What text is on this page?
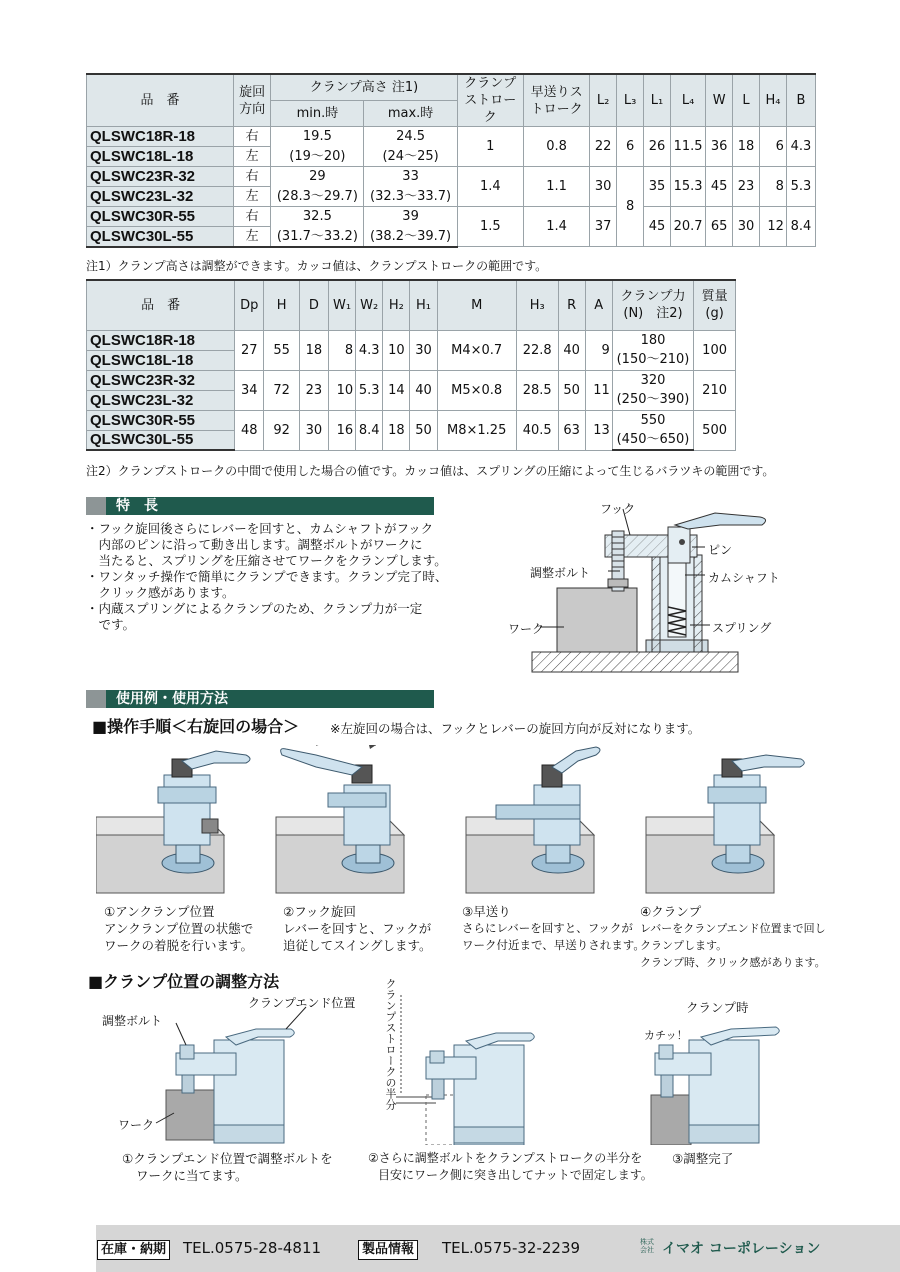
品　番	旋回方向	クランプ高さ 注1)		クランプストローク	早送りストローク	L₂	L₃	L₁	L₄	W	L	H₄	B
		min.時	max.時										
QLSWC18R-18	右	19.5	24.5	1	0.8	22	6	26	11.5	36	18	6	4.3
QLSWC18L-18	左	(19〜20)	(24〜25)										
QLSWC23R-32	右	29	33	1.4	1.1	30	8	35	15.3	45	23	8	5.3
QLSWC23L-32	左	(28.3〜29.7)	(32.3〜33.7)										
QLSWC30R-55	右	32.5	39	1.5	1.4	37		45	20.7	65	30	12	8.4
QLSWC30L-55	左	(31.7〜33.2)	(38.2〜39.7)										
注1）クランプ高さは調整ができます。カッコ値は、クランプストロークの範囲です。
品　番	Dp	H	D	W₁	W₂	H₂	H₁	M	H₃	R	A	クランプ力(N)　注2)	質量(g)
QLSWC18R-18	27	55	18	8	4.3	10	30	M4×0.7	22.8	40	9	180	100
QLSWC18L-18												(150〜210)	
QLSWC23R-32	34	72	23	10	5.3	14	40	M5×0.8	28.5	50	11	320	210
QLSWC23L-32												(250〜390)	
QLSWC30R-55	48	92	30	16	8.4	18	50	M8×1.25	40.5	63	13	550	500
QLSWC30L-55												(450〜650)	
注2）クランプストロークの中間で使用した場合の値です。カッコ値は、スプリングの圧縮によって生じるバラツキの範囲です。
特　長
・フック旋回後さらにレバーを回すと、カムシャフトがフック
　内部のピンに沿って動き出します。調整ボルトがワークに
　当たると、スプリングを圧縮させてワークをクランプします。
・ワンタッチ操作で簡単にクランプできます。クランプ完了時、
　クリック感があります。
・内蔵スプリングによるクランプのため、クランプ力が一定
　です。
フック
ピン
調整ボルト	カムシャフト
ワーク	スプリング
使用例・使用方法
■操作手順＜右旋回の場合＞ ※左旋回の場合は、フックとレバーの旋回方向が反対になります。
①アンクランプ位置
アンクランプ位置の状態で
ワークの着脱を行います。
②フック旋回
レバーを回すと、フックが
追従してスイングします。
③早送り
さらにレバーを回すと、フックが
ワーク付近まで、早送りされます。
④クランプ
レバーをクランプエンド位置まで回し
クランプします。
クランプ時、クリック感があります。
■クランプ位置の調整方法
調整ボルト
クランプエンド位置
ワーク
クランプストロークの半分	クランプ時
カチッ！
①クランプエンド位置で調整ボルトを
ワークに当てます。
②さらに調整ボルトをクランプストロークの半分を
目安にワーク側に突き出してナットで固定します。
③調整完了
在庫・納期 TEL.0575-28-4811	製品情報 TEL.0575-32-2239	株式会社 イマオ コーポレーション
